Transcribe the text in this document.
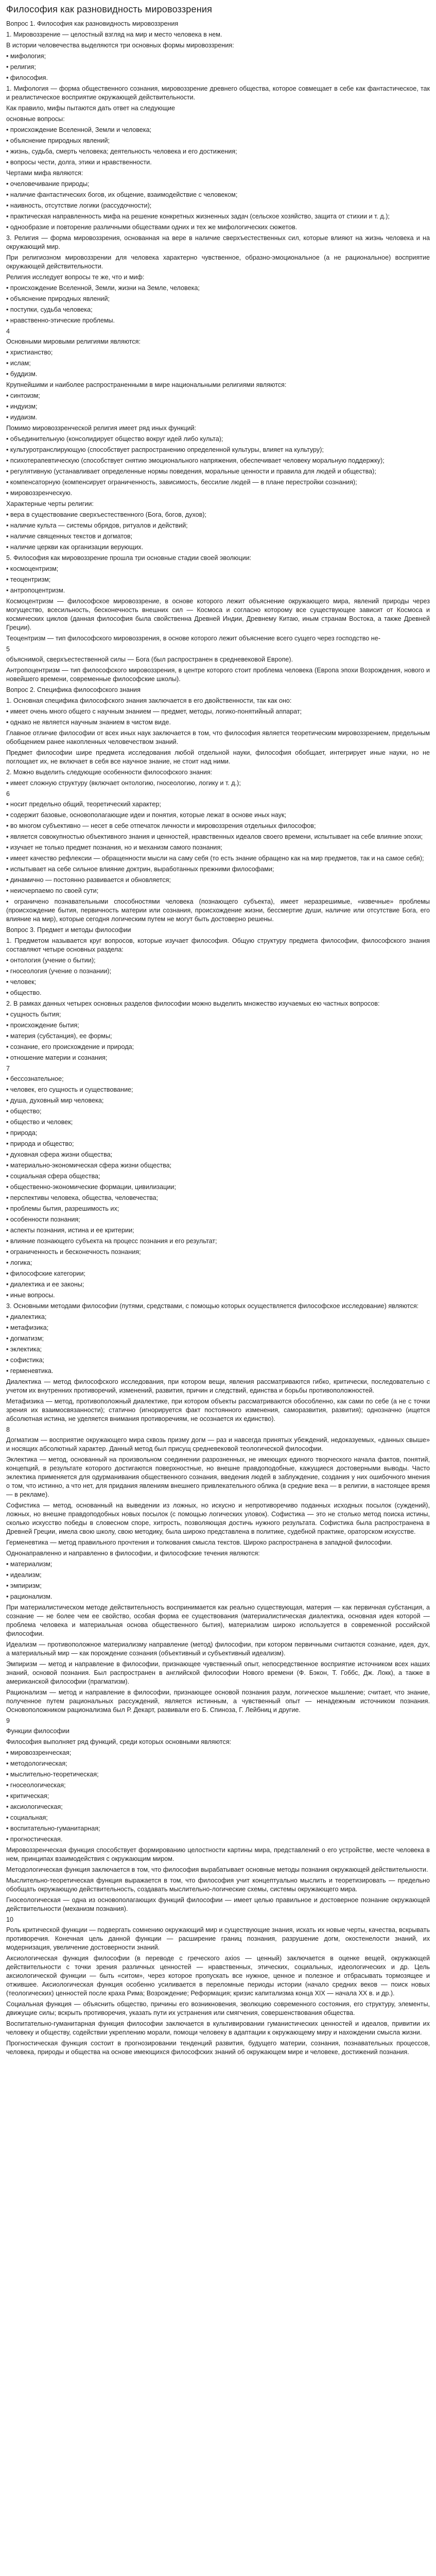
Философия как разновидность мировоззрения

Вопрос 1. Философия как разновидность мировоззрения

1. Мировоззрение — целостный взгляд на мир и место человека в нем.

В истории человечества выделяются три основных формы мировоззрения:

• мифология;

• религия;

• философия.

1. Мифология — форма общественного сознания, мировоззрение древнего общества, которое совмещает в себе как фантастическое, так и реалистическое восприятие окружающей действительности.

Как правило, мифы пытаются дать ответ на следующие

основные вопросы:

• происхождение Вселенной, Земли и человека;

• объяснение природных явлений;

• жизнь, судьба, смерть человека; деятельность человека и его достижения;

• вопросы чести, долга, этики и нравственности.

Чертами мифа являются:

• очеловечивание природы;

• наличие фантастических богов, их общение, взаимодействие с человеком;

• наивность, отсутствие логики (рассудочности);

• практическая направленность мифа на решение конкретных жизненных задач (сельское хозяйство, защита от стихии и т. д.);

• однообразие и повторение различными обществами одних и тех же мифологических сюжетов.

3. Религия — форма мировоззрения, основанная на вере в наличие сверхъестественных сил, которые влияют на жизнь человека и на окружающий мир.

При религиозном мировоззрении для человека характерно чувственное, образно-эмоциональное (а не рациональное) восприятие окружающей действительности.

Религия исследует вопросы те же, что и миф:

• происхождение Вселенной, Земли, жизни на Земле, человека;

• объяснение природных явлений;

• поступки, судьба человека;

• нравственно-этические проблемы.

4

Основными мировыми религиями являются:

• христианство;

• ислам;

• буддизм.

Крупнейшими и наиболее распространенными в мире национальными религиями являются:

• синтоизм;

• индуизм;

• иудаизм.

Помимо мировоззренческой религия имеет ряд иных функций:

• объединительную (консолидирует общество вокруг идей либо культа);

• культуротранслирующую (способствует распространению определенной культуры, влияет на культуру);

• психотерапевтическую (способствует снятию эмоционального напряжения, обеспечивает человеку моральную поддержку);

• регулятивную (устанавливает определенные нормы поведения, моральные ценности и правила для людей и общества);

• компенсаторную (компенсирует ограниченность, зависимость, бессилие людей — в плане перестройки сознания);

• мировоззренческую.

Характерные черты религии:

• вера в существование сверхъестественного (Бога, богов, духов);

• наличие культа — системы обрядов, ритуалов и действий;

• наличие священных текстов и догматов;

• наличие церкви как организации верующих.

5. Философия как мировоззрение прошла три основные стадии своей эволюции:

• космоцентризм;

• теоцентризм;

• антропоцентризм.

Космоцентризм — философское мировоззрение, в основе которого лежит объяснение окружающего мира, явлений природы через могущество, всесильность, бесконечность внешних сил — Космоса и согласно которому все существующее зависит от Космоса и космических циклов (данная философия была свойственна Древней Индии, Древнему Китаю, иным странам Востока, а также Древней Греции).

Теоцентризм — тип философского мировоззрения, в основе которого лежит объяснение всего сущего через господство не-

5

объяснимой, сверхъестественной силы — Бога (был распространен в средневековой Европе).

Антропоцентризм — тип философского мировоззрения, в центре которого стоит проблема человека (Европа эпохи Возрождения, нового и новейшего времени, современные философские школы).

Вопрос 2. Специфика философского знания

1. Основная специфика философского знания заключается в его двойственности, так как оно:

• имеет очень много общего с научным знанием — предмет, методы, логико-понятийный аппарат;

• однако не является научным знанием в чистом виде.

Главное отличие философии от всех иных наук заключается в том, что философия является теоретическим мировоззрением, предельным обобщением ранее накопленных человечеством знаний.

Предмет философии шире предмета исследования любой отдельной науки, философия обобщает, интегрирует иные науки, но не поглощает их, не включает в себя все научное знание, не стоит над ними.

2. Можно выделить следующие особенности философского знания:

• имеет сложную структуру (включает онтологию, гносеологию, логику и т. д.);

6

• носит предельно общий, теоретический характер;

• содержит базовые, основополагающие идеи и понятия, которые лежат в основе иных наук;

• во многом субъективно — несет в себе отпечаток личности и мировоззрения отдельных философов;

• является совокупностью объективного знания и ценностей, нравственных идеалов своего времени, испытывает на себе влияние эпохи;

• изучает не только предмет познания, но и механизм самого познания;

• имеет качество рефлексии — обращенности мысли на саму себя (то есть знание обращено как на мир предметов, так и на самое себя);

• испытывает на себе сильное влияние доктрин, выработанных прежними философами;

• динамично — постоянно развивается и обновляется;

• неисчерпаемо по своей сути;

• ограничено познавательными способностями человека (познающего субъекта), имеет неразрешимые, «извечные» проблемы (происхождение бытия, первичность материи или сознания, происхождение жизни, бессмертие души, наличие или отсутствие Бога, его влияние на мир), которые сегодня логическим путем не могут быть достоверно решены.

Вопрос 3. Предмет и методы философии

1. Предметом называется круг вопросов, которые изучает философия. Общую структуру предмета философии, философского знания составляют четыре основных раздела:

• онтология (учение о бытии);

• гносеология (учение о познании);

• человек;

• общество.

2. В рамках данных четырех основных разделов философии можно выделить множество изучаемых ею частных вопросов:

• сущность бытия;

• происхождение бытия;

• материя (субстанция), ее формы;

• сознание, его происхождение и природа;

• отношение материи и сознания;

7

• бессознательное;

• человек, его сущность и существование;

• душа, духовный мир человека;

• общество;

• общество и человек;

• природа;

• природа и общество;

• духовная сфера жизни общества;

• материально-экономическая сфера жизни общества;

• социальная сфера общества;

• общественно-экономические формации, цивилизации;

• перспективы человека, общества, человечества;

• проблемы бытия, разрешимость их;

• особенности познания;

• аспекты познания, истина и ее критерии;

• влияние познающего субъекта на процесс познания и его результат;

• ограниченность и бесконечность познания;

• логика;

• философские категории;

• диалектика и ее законы;

• иные вопросы.

3. Основными методами философии (путями, средствами, с помощью которых осуществляется философское исследование) являются:

• диалектика;

• метафизика;

• догматизм;

• эклектика;

• софистика;

• герменевтика.

Диалектика — метод философского исследования, при котором вещи, явления рассматриваются гибко, критически, последовательно с учетом их внутренних противоречий, изменений, развития, причин и следствий, единства и борьбы противоположностей.

Метафизика — метод, противоположный диалектике, при котором объекты рассматриваются обособленно, как сами по себе (а не с точки зрения их взаимосвязанности); статично (игнорируется факт постоянного изменения, саморазвития, развития); однозначно (ищется абсолютная истина, не уделяется внимания противоречиям, не осознается их единство).

8

Догматизм — восприятие окружающего мира сквозь призму догм — раз и навсегда принятых убеждений, недоказуемых, «данных свыше» и носящих абсолютный характер. Данный метод был присущ средневековой теологической философии.

Эклектика — метод, основанный на произвольном соединении разрозненных, не имеющих единого творческого начала фактов, понятий, концепций, в результате которого достигаются поверхностные, но внешне правдоподобные, кажущиеся достоверными выводы. Часто эклектика применяется для одурманивания общественного сознания, введения людей в заблуждение, создания у них ошибочного мнения о том, что истинно, а что нет, для придания явлениям внешнего привлекательного облика (в средние века — в религии, в настоящее время — в рекламе).

Софистика — метод, основанный на выведении из ложных, но искусно и непротиворечиво поданных исходных посылок (суждений), ложных, но внешне правдоподобных новых посылок (с помощью логических уловок). Софистика — это не столько метод поиска истины, сколько искусство победы в словесном споре, хитрость, позволяющая достичь нужного результата. Софистика была распространена в Древней Греции, имела свою школу, свою методику, была широко представлена в политике, судебной практике, ораторском искусстве.

Герменевтика — метод правильного прочтения и толкования смысла текстов. Широко распространена в западной философии.

Однонаправленно и направленно в философии, и философские течения являются:

• материализм;

• идеализм;

• эмпиризм;

• рационализм.

При материалистическом методе действительность воспринимается как реально существующая, материя — как первичная субстанция, а сознание — не более чем ее свойство, особая форма ее существования (материалистическая диалектика, основная идея которой — проблема человека и материальная основа общественного бытия), материализм широко используется в современной российской философии.

Идеализм — противоположное материализму направление (метод) философии, при котором первичными считаются сознание, идея, дух, а материальный мир — как порождение сознания (объективный и субъективный идеализм).

Эмпиризм — метод и направление в философии, признающее чувственный опыт, непосредственное восприятие источником всех наших знаний, основой познания. Был распространен в английской философии Нового времени (Ф. Бэкон, Т. Гоббс, Дж. Локк), а также в американской философии (прагматизм).

Рационализм — метод и направление в философии, признающее основой познания разум, логическое мышление; считает, что знание, полученное путем рациональных рассуждений, является истинным, а чувственный опыт — ненадежным источником познания. Основоположником рационализма был Р. Декарт, развивали его Б. Спиноза, Г. Лейбниц и другие.

9

Функции философии

Философия выполняет ряд функций, среди которых основными являются:

• мировоззренческая;

• методологическая;

• мыслительно-теоретическая;

• гносеологическая;

• критическая;

• аксиологическая;

• социальная;

• воспитательно-гуманитарная;

• прогностическая.

Мировоззренческая функция способствует формированию целостности картины мира, представлений о его устройстве, месте человека в нем, принципах взаимодействия с окружающим миром.

Методологическая функция заключается в том, что философия вырабатывает основные методы познания окружающей действительности.

Мыслительно-теоретическая функция выражается в том, что философия учит концептуально мыслить и теоретизировать — предельно обобщать окружающую действительность, создавать мыслительно-логические схемы, системы окружающего мира.

Гносеологическая — одна из основополагающих функций философии — имеет целью правильное и достоверное познание окружающей действительности (механизм познания).

10

Роль критической функции — подвергать сомнению окружающий мир и существующие знания, искать их новые черты, качества, вскрывать противоречия. Конечная цель данной функции — расширение границ познания, разрушение догм, окостенелости знаний, их модернизация, увеличение достоверности знаний.

Аксиологическая функция философии (в переводе с греческого axios — ценный) заключается в оценке вещей, окружающей действительности с точки зрения различных ценностей — нравственных, этических, социальных, идеологических и др. Цель аксиологической функции — быть «ситом», через которое пропускать все нужное, ценное и полезное и отбрасывать тормозящее и отжившее. Аксиологическая функция особенно усиливается в переломные периоды истории (начало средних веков — поиск новых (теологических) ценностей после краха Рима; Возрождение; Реформация; кризис капитализма конца XIX — начала XX в. и др.).

Социальная функция — объяснить общество, причины его возникновения, эволюцию современного состояния, его структуру, элементы, движущие силы; вскрыть противоречия, указать пути их устранения или смягчения, совершенствования общества.

Воспитательно-гуманитарная функция философии заключается в культивировании гуманистических ценностей и идеалов, привитии их человеку и обществу, содействии укреплению морали, помощи человеку в адаптации к окружающему миру и нахождении смысла жизни.

Прогностическая функция состоит в прогнозировании тенденций развития, будущего материи, сознания, познавательных процессов, человека, природы и общества на основе имеющихся философских знаний об окружающем мире и человеке, достижений познания.
